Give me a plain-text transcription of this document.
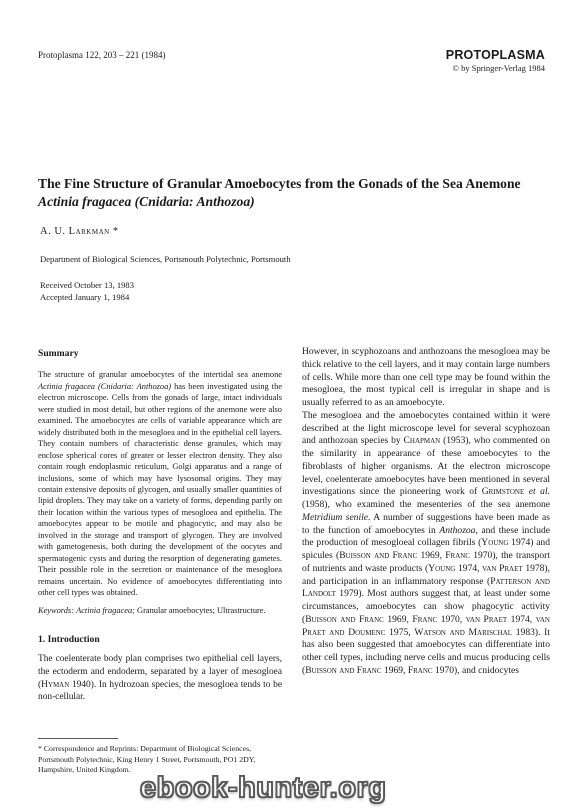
Protoplasma 122, 203 – 221 (1984)	PROTOPLASMA
© by Springer-Verlag 1984
The Fine Structure of Granular Amoebocytes from the Gonads of the Sea Anemone
Actinia fragacea (Cnidaria: Anthozoa)
A. U. Larkman *
Department of Biological Sciences, Portsmouth Polytechnic, Portsmouth
Received October 13, 1983
Accepted January 1, 1984
Summary

The structure of granular amoebocytes of the intertidal sea anemone Actinia fragacea (Cnidaria: Anthozoa) has been investigated using the electron microscope. Cells from the gonads of large, intact individuals were studied in most detail, but other regions of the anemone were also examined. The amoebocytes are cells of variable appearance which are widely distributed both in the mesogloea and in the epithelial cell layers. They contain numbers of characteristic dense granules, which may enclose spherical cores of greater or lesser electron density. They also contain rough endoplasmic reticulum, Golgi apparatus and a range of inclusions, some of which may have lysosomal origins. They may contain extensive deposits of glycogen, and usually smaller quantities of lipid droplets. They may take on a variety of forms, depending partly on their location within the various types of mesogloea and epithelia. The amoebocytes appear to be motile and phagocytic, and may also be involved in the storage and transport of glycogen. They are involved with gametogenesis, both during the development of the oocytes and spermatogenic cysts and during the resorption of degenerating gametes. Their possible role in the secretion or maintenance of the mesogloea remains uncertain. No evidence of amoebocytes differentiating into other cell types was obtained.

Keywords: Actinia fragacea; Granular amoebocytes; Ultrastructure.

1. Introduction

The coelenterate body plan comprises two epithelial cell layers, the ectoderm and endoderm, separated by a layer of mesogloea (Hyman 1940). In hydrozoan species, the mesogloea tends to be non-cellular.

* Correspondence and Reprints: Department of Biological Sciences, Portsmouth Polytechnic, King Henry 1 Street, Portsmouth, PO1 2DY, Hampshire, United Kingdom.

However, in scyphozoans and anthozoans the mesogloea may be thick relative to the cell layers, and it may contain large numbers of cells. While more than one cell type may be found within the mesogloea, the most typical cell is irregular in shape and is usually referred to as an amoebocyte.

The mesogloea and the amoebocytes contained within it were described at the light microscope level for several scyphozoan and anthozoan species by Chapman (1953), who commented on the similarity in appearance of these amoebocytes to the fibroblasts of higher organisms. At the electron microscope level, coelenterate amoebocytes have been mentioned in several investigations since the pioneering work of Grimstone et al. (1958), who examined the mesenteries of the sea anemone Metridium senile. A number of suggestions have been made as to the function of amoebocytes in Anthozoa, and these include the production of mesogloeal collagen fibrils (Young 1974) and spicules (Buisson and Franc 1969, Franc 1970), the transport of nutrients and waste products (Young 1974, van Praet 1978), and participation in an inflammatory response (Patterson and Landolt 1979). Most authors suggest that, at least under some circumstances, amoebocytes can show phagocytic activity (Buisson and Franc 1969, Franc 1970, van Praet 1974, van Praet and Doumenc 1975, Watson and Marischal 1983). It has also been suggested that amoebocytes can differentiate into other cell types, including nerve cells and mucus producing cells (Buisson and Franc 1969, Franc 1970), and cnidocytes

ebook-hunter.org
